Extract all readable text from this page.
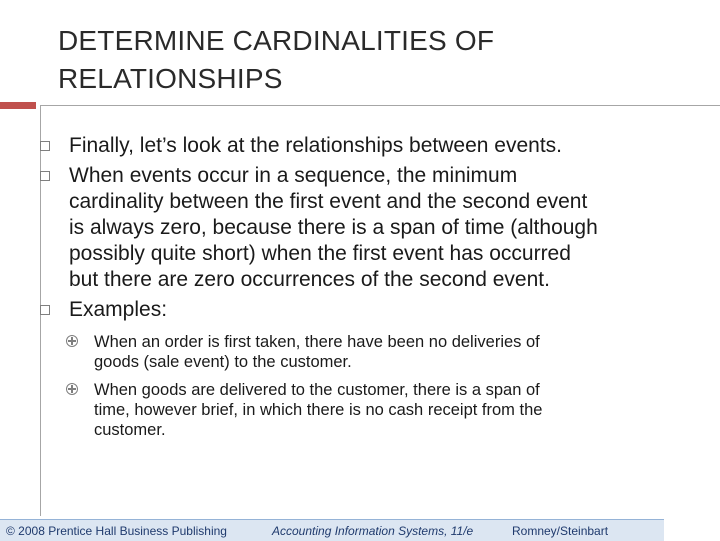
DETERMINE CARDINALITIES OF
RELATIONSHIPS
Finally, let’s look at the relationships between events.
When events occur in a sequence, the minimum
cardinality between the first event and the second event
is always zero, because there is a span of time (although
possibly quite short) when the first event has occurred
but there are zero occurrences of the second event.
Examples:
When an order is first taken, there have been no deliveries of
goods (sale event) to the customer.
When goods are delivered to the customer, there is a span of
time, however brief, in which there is no cash receipt from the
customer.
© 2008 Prentice Hall Business Publishing	Accounting Information Systems, 11/e	Romney/Steinbart
